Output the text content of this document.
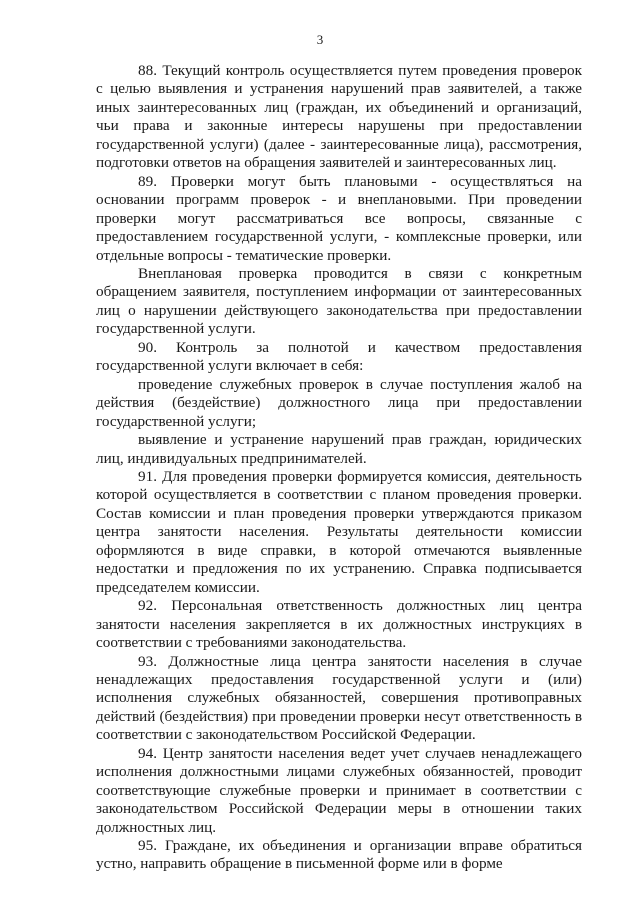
3

88. Текущий контроль осуществляется путем проведения проверок с целью выявления и устранения нарушений прав заявителей, а также иных заинтересованных лиц (граждан, их объединений и организаций, чьи права и законные интересы нарушены при предоставлении государственной услуги) (далее - заинтересованные лица), рассмотрения, подготовки ответов на обращения заявителей и заинтересованных лиц.

89. Проверки могут быть плановыми - осуществляться на основании программ проверок - и внеплановыми. При проведении проверки могут рассматриваться все вопросы, связанные с предоставлением государственной услуги, - комплексные проверки, или отдельные вопросы - тематические проверки.

Внеплановая проверка проводится в связи с конкретным обращением заявителя, поступлением информации от заинтересованных лиц о нарушении действующего законодательства при предоставлении государственной услуги.

90. Контроль за полнотой и качеством предоставления государственной услуги включает в себя:

проведение служебных проверок в случае поступления жалоб на действия (бездействие) должностного лица при предоставлении государственной услуги;

выявление и устранение нарушений прав граждан, юридических лиц, индивидуальных предпринимателей.

91. Для проведения проверки формируется комиссия, деятельность которой осуществляется в соответствии с планом проведения проверки. Состав комиссии и план проведения проверки утверждаются приказом центра занятости населения. Результаты деятельности комиссии оформляются в виде справки, в которой отмечаются выявленные недостатки и предложения по их устранению. Справка подписывается председателем комиссии.

92. Персональная ответственность должностных лиц центра занятости населения закрепляется в их должностных инструкциях в соответствии с требованиями законодательства.

93. Должностные лица центра занятости населения в случае ненадлежащих предоставления государственной услуги и (или) исполнения служебных обязанностей, совершения противоправных действий (бездействия) при проведении проверки несут ответственность в соответствии с законодательством Российской Федерации.

94. Центр занятости населения ведет учет случаев ненадлежащего исполнения должностными лицами служебных обязанностей, проводит соответствующие служебные проверки и принимает в соответствии с законодательством Российской Федерации меры в отношении таких должностных лиц.

95. Граждане, их объединения и организации вправе обратиться устно, направить обращение в письменной форме или в форме
